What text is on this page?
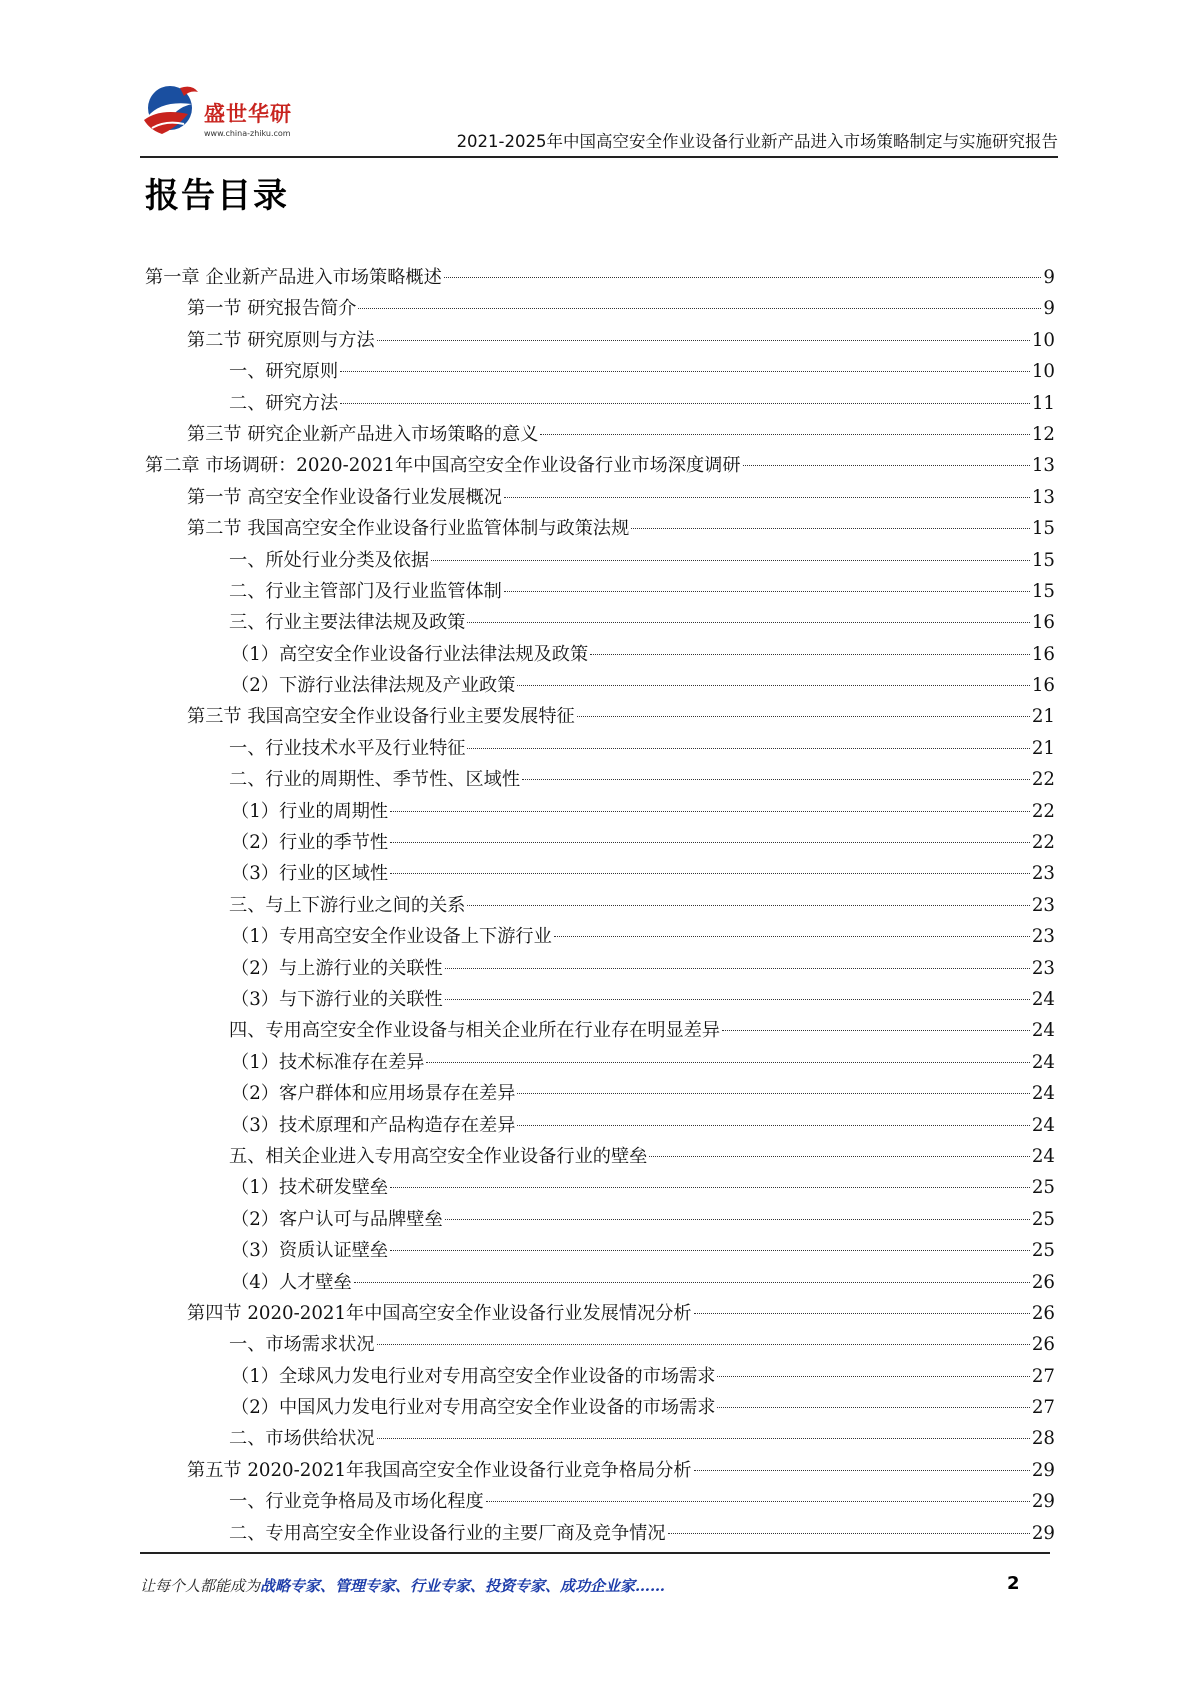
盛世华研
www.china-zhiku.com	2021-2025年中国高空安全作业设备行业新产品进入市场策略制定与实施研究报告
报告目录
第一章 企业新产品进入市场策略概述	9
第一节 研究报告简介	9
第二节 研究原则与方法	10
一、研究原则	10
二、研究方法	11
第三节 研究企业新产品进入市场策略的意义	12
第二章 市场调研：2020-2021年中国高空安全作业设备行业市场深度调研	13
第一节 高空安全作业设备行业发展概况	13
第二节 我国高空安全作业设备行业监管体制与政策法规	15
一、所处行业分类及依据	15
二、行业主管部门及行业监管体制	15
三、行业主要法律法规及政策	16
（1）高空安全作业设备行业法律法规及政策	16
（2）下游行业法律法规及产业政策	16
第三节 我国高空安全作业设备行业主要发展特征	21
一、行业技术水平及行业特征	21
二、行业的周期性、季节性、区域性	22
（1）行业的周期性	22
（2）行业的季节性	22
（3）行业的区域性	23
三、与上下游行业之间的关系	23
（1）专用高空安全作业设备上下游行业	23
（2）与上游行业的关联性	23
（3）与下游行业的关联性	24
四、专用高空安全作业设备与相关企业所在行业存在明显差异	24
（1）技术标准存在差异	24
（2）客户群体和应用场景存在差异	24
（3）技术原理和产品构造存在差异	24
五、相关企业进入专用高空安全作业设备行业的壁垒	24
（1）技术研发壁垒	25
（2）客户认可与品牌壁垒	25
（3）资质认证壁垒	25
（4）人才壁垒	26
第四节 2020-2021年中国高空安全作业设备行业发展情况分析	26
一、市场需求状况	26
（1）全球风力发电行业对专用高空安全作业设备的市场需求	27
（2）中国风力发电行业对专用高空安全作业设备的市场需求	27
二、市场供给状况	28
第五节 2020-2021年我国高空安全作业设备行业竞争格局分析	29
一、行业竞争格局及市场化程度	29
二、专用高空安全作业设备行业的主要厂商及竞争情况	29
让每个人都能成为战略专家、管理专家、行业专家、投资专家、成功企业家……	2
